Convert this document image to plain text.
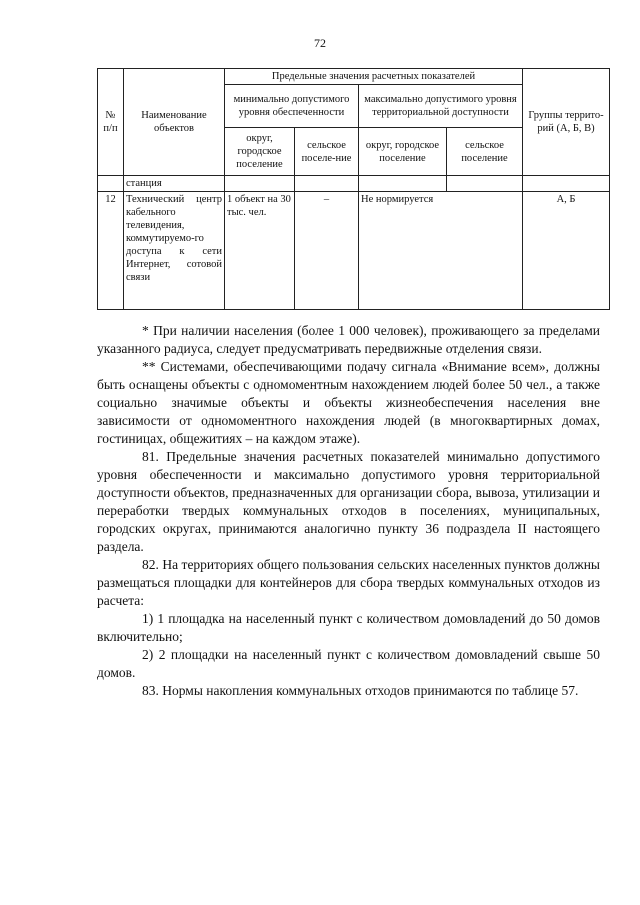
72
№ п/п	Наименование объектов	Предельные значения расчетных показателей				Группы террито-рий (А, Б, В)
		минимально допустимого уровня обеспеченности		максимально допустимого уровня территориальной доступности		
		округ, городское поселение	сельское поселе-ние	округ, городское поселение	сельское поселение	
	станция					
12	Технический центр кабельного телевидения, коммутируемо-го доступа к сети Интернет, сотовой связи	1 объект на 30 тыс. чел.	–	Не нормируется		А, Б

* При наличии населения (более 1 000 человек), проживающего за пределами указанного радиуса, следует предусматривать передвижные отделения связи.

** Системами, обеспечивающими подачу сигнала «Внимание всем», должны быть оснащены объекты с одномоментным нахождением людей более 50 чел., а также социально значимые объекты и объекты жизнеобеспечения населения вне зависимости от одномоментного нахождения людей (в многоквартирных домах, гостиницах, общежитиях – на каждом этаже).

81. Предельные значения расчетных показателей минимально допустимого уровня обеспеченности и максимально допустимого уровня территориальной доступности объектов, предназначенных для организации сбора, вывоза, утилизации и переработки твердых коммунальных отходов в поселениях, муниципальных, городских округах, принимаются аналогично пункту 36 подраздела II настоящего раздела.

82. На территориях общего пользования сельских населенных пунктов должны размещаться площадки для контейнеров для сбора твердых коммунальных отходов из расчета:

1) 1 площадка на населенный пункт с количеством домовладений до 50 домов включительно;

2) 2 площадки на населенный пункт с количеством домовладений свыше 50 домов.

83. Нормы накопления коммунальных отходов принимаются по таблице 57.
